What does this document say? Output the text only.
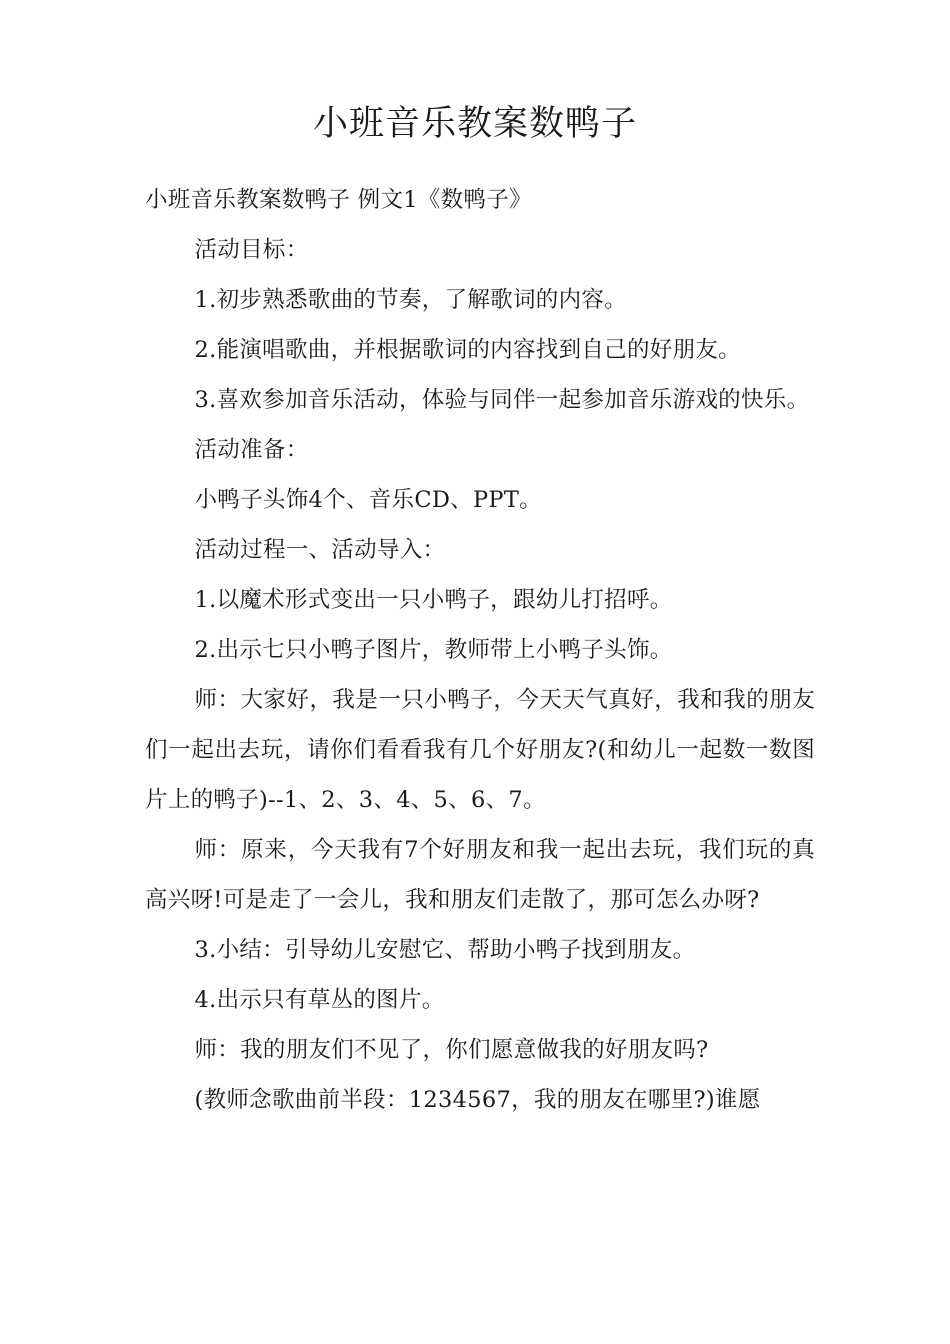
小班音乐教案数鸭子

小班音乐教案数鸭子 例文1《数鸭子》

活动目标：

1.初步熟悉歌曲的节奏，了解歌词的内容。

2.能演唱歌曲，并根据歌词的内容找到自己的好朋友。

3.喜欢参加音乐活动，体验与同伴一起参加音乐游戏的快乐。

活动准备：

小鸭子头饰4个、音乐CD、PPT。

活动过程一、活动导入：

1.以魔术形式变出一只小鸭子，跟幼儿打招呼。

2.出示七只小鸭子图片，教师带上小鸭子头饰。

师：大家好，我是一只小鸭子，今天天气真好，我和我的朋友们一起出去玩，请你们看看我有几个好朋友?(和幼儿一起数一数图片上的鸭子)--1、2、3、4、5、6、7。

师：原来，今天我有7个好朋友和我一起出去玩，我们玩的真高兴呀!可是走了一会儿，我和朋友们走散了，那可怎么办呀?

3.小结：引导幼儿安慰它、帮助小鸭子找到朋友。

4.出示只有草丛的图片。

师：我的朋友们不见了，你们愿意做我的好朋友吗?

(教师念歌曲前半段：1234567，我的朋友在哪里?)谁愿
